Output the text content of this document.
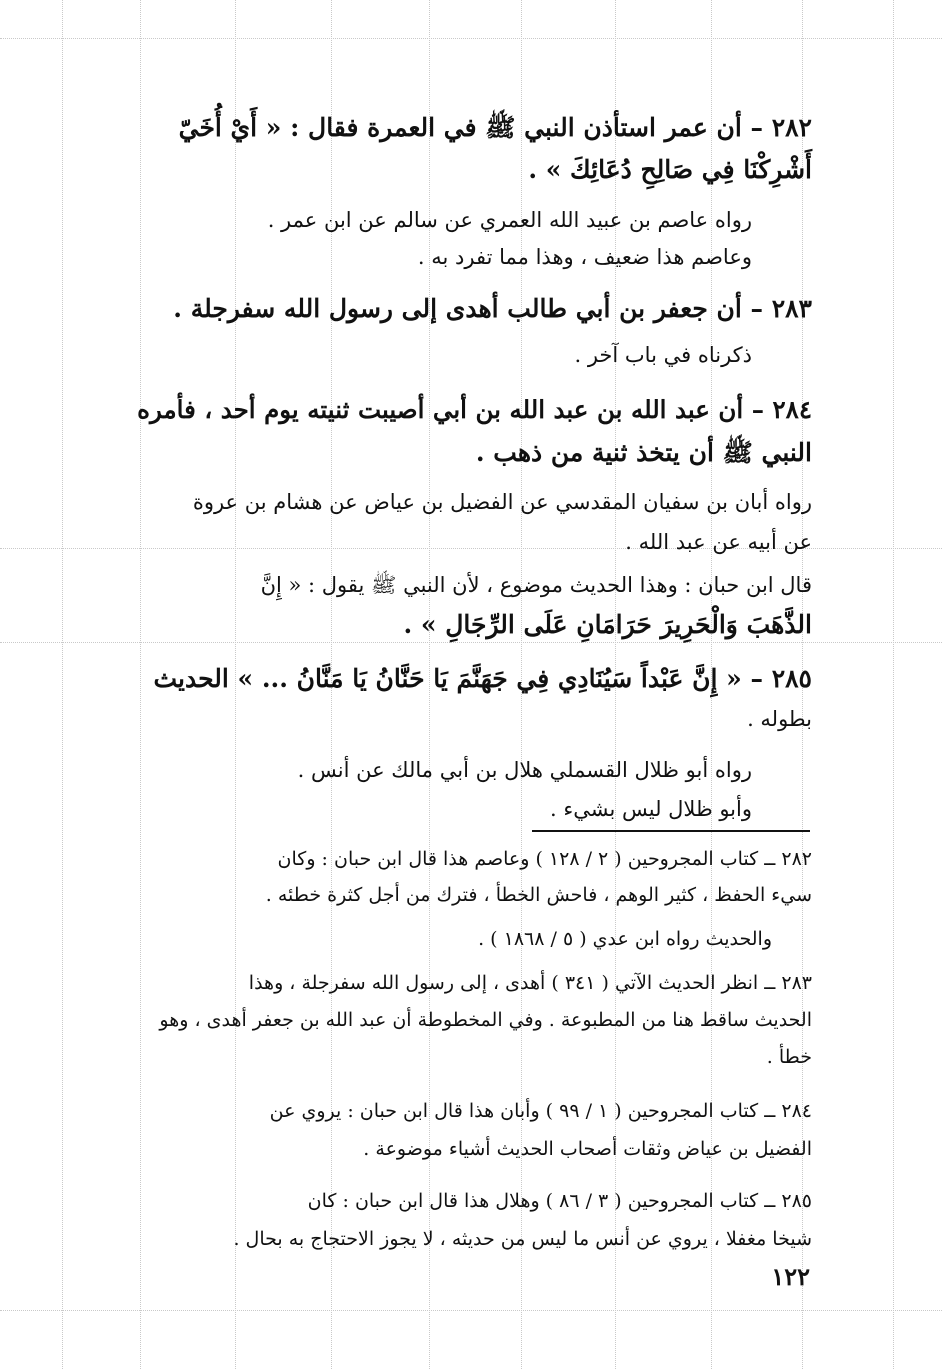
٢٨٢ – أن عمر استأذن النبي ﷺ في العمرة فقال : « أَيْ أُخَيّ

أَشْرِكْنَا فِي صَالِحِ دُعَائِكَ » .

رواه عاصم بن عبيد الله العمري عن سالم عن ابن عمر .

وعاصم هذا ضعيف ، وهذا مما تفرد به .

٢٨٣ – أن جعفر بن أبي طالب أهدى إلى رسول الله سفرجلة .

ذكرناه في باب آخر .

٢٨٤ – أن عبد الله بن عبد الله بن أبي أصيبت ثنيته يوم أحد ، فأمره

النبي ﷺ أن يتخذ ثنية من ذهب .

رواه أبان بن سفيان المقدسي عن الفضيل بن عياض عن هشام بن عروة

عن أبيه عن عبد الله .

قال ابن حبان : وهذا الحديث موضوع ، لأن النبي ﷺ يقول : « إِنَّ

الذَّهَبَ وَالْحَرِيرَ حَرَامَانِ عَلَى الرِّجَالِ » .

٢٨٥ – « إِنَّ عَبْداً سَيُنَادِي فِي جَهَنَّمَ يَا حَنَّانُ يَا مَنَّانُ ... » الحديث

بطوله .

رواه أبو ظلال القسملي هلال بن أبي مالك عن أنس .

وأبو ظلال ليس بشيء .

٢٨٢ ــ كتاب المجروحين ( ٢ / ١٢٨ ) وعاصم هذا قال ابن حبان : وكان

سيء الحفظ ، كثير الوهم ، فاحش الخطأ ، فترك من أجل كثرة خطئه .

والحديث رواه ابن عدي ( ٥ / ١٨٦٨ ) .

٢٨٣ ــ انظر الحديث الآتي ( ٣٤١ ) أهدى ، إلى رسول الله سفرجلة ، وهذا

الحديث ساقط هنا من المطبوعة . وفي المخطوطة أن عبد الله بن جعفر أهدى ، وهو

خطأ .

٢٨٤ ــ كتاب المجروحين ( ١ / ٩٩ ) وأبان هذا قال ابن حبان : يروي عن

الفضيل بن عياض وثقات أصحاب الحديث أشياء موضوعة .

٢٨٥ ــ كتاب المجروحين ( ٣ / ٨٦ ) وهلال هذا قال ابن حبان : كان

شيخا مغفلا ، يروي عن أنس ما ليس من حديثه ، لا يجوز الاحتجاج به بحال .

١٢٢
